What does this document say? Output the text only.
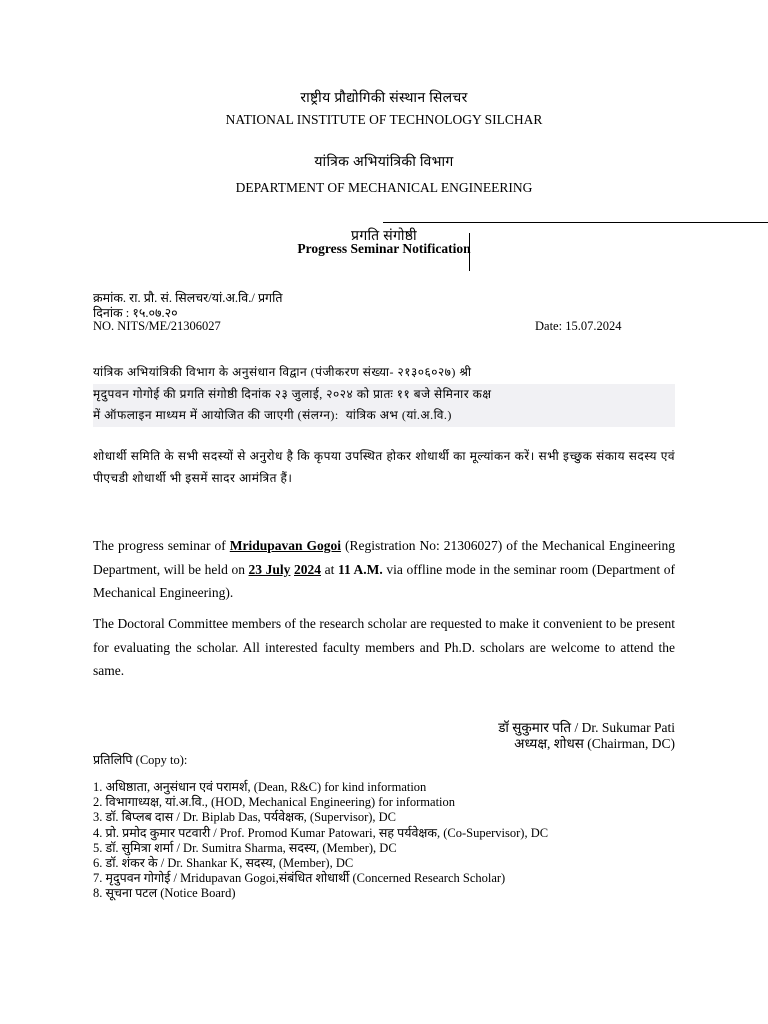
राष्ट्रीय प्रौद्योगिकी संस्थान सिलचर
NATIONAL INSTITUTE OF TECHNOLOGY SILCHAR
यांत्रिक अभियांत्रिकी विभाग
DEPARTMENT OF MECHANICAL ENGINEERING
प्रगति संगोष्ठी
Progress Seminar Notification
क्रमांक. रा. प्रौ. सं. सिलचर/यां.अ.वि./ प्रगति
दिनांक : १५.०७.२०
NO. NITS/ME/21306027	Date: 15.07.2024
यांत्रिक अभियांत्रिकी विभाग के अनुसंधान विद्वान (पंजीकरण संख्या- २१३०६०२७) श्री
मृदुपवन गोगोई की प्रगति संगोष्ठी दिनांक २३ जुलाई, २०२४ को प्रातः ११ बजे सेमिनार कक्ष
में ऑफलाइन माध्यम में आयोजित की जाएगी (संलग्न): यांत्रिक अभ (यां.अ.वि.)
शोधार्थी समिति के सभी सदस्यों से अनुरोध है कि कृपया उपस्थित होकर शोधार्थी का मूल्यांकन करें। सभी इच्छुक संकाय सदस्य एवं पीएचडी शोधार्थी भी इसमें सादर आमंत्रित हैं।
The progress seminar of Mridupavan Gogoi (Registration No: 21306027) of the Mechanical Engineering Department, will be held on 23 July 2024 at 11 A.M. via offline mode in the seminar room (Department of Mechanical Engineering).
The Doctoral Committee members of the research scholar are requested to make it convenient to be present for evaluating the scholar. All interested faculty members and Ph.D. scholars are welcome to attend the same.
डॉ सुकुमार पति / Dr. Sukumar Pati
अध्यक्ष, शोधस (Chairman, DC)
प्रतिलिपि (Copy to):
1. अधिष्ठाता, अनुसंधान एवं परामर्श, (Dean, R&C) for kind information
2. विभागाध्यक्ष, यां.अ.वि., (HOD, Mechanical Engineering) for information
3. डॉ. बिप्लब दास / Dr. Biplab Das, पर्यवेक्षक, (Supervisor), DC
4. प्रो. प्रमोद कुमार पटवारी / Prof. Promod Kumar Patowari, सह पर्यवेक्षक, (Co-Supervisor), DC
5. डॉ. सुमित्रा शर्मा / Dr. Sumitra Sharma, सदस्य, (Member), DC
6. डॉ. शंकर के / Dr. Shankar K, सदस्य, (Member), DC
7. मृदुपवन गोगोई / Mridupavan Gogoi,संबंधित शोधार्थी (Concerned Research Scholar)
8. सूचना पटल (Notice Board)
